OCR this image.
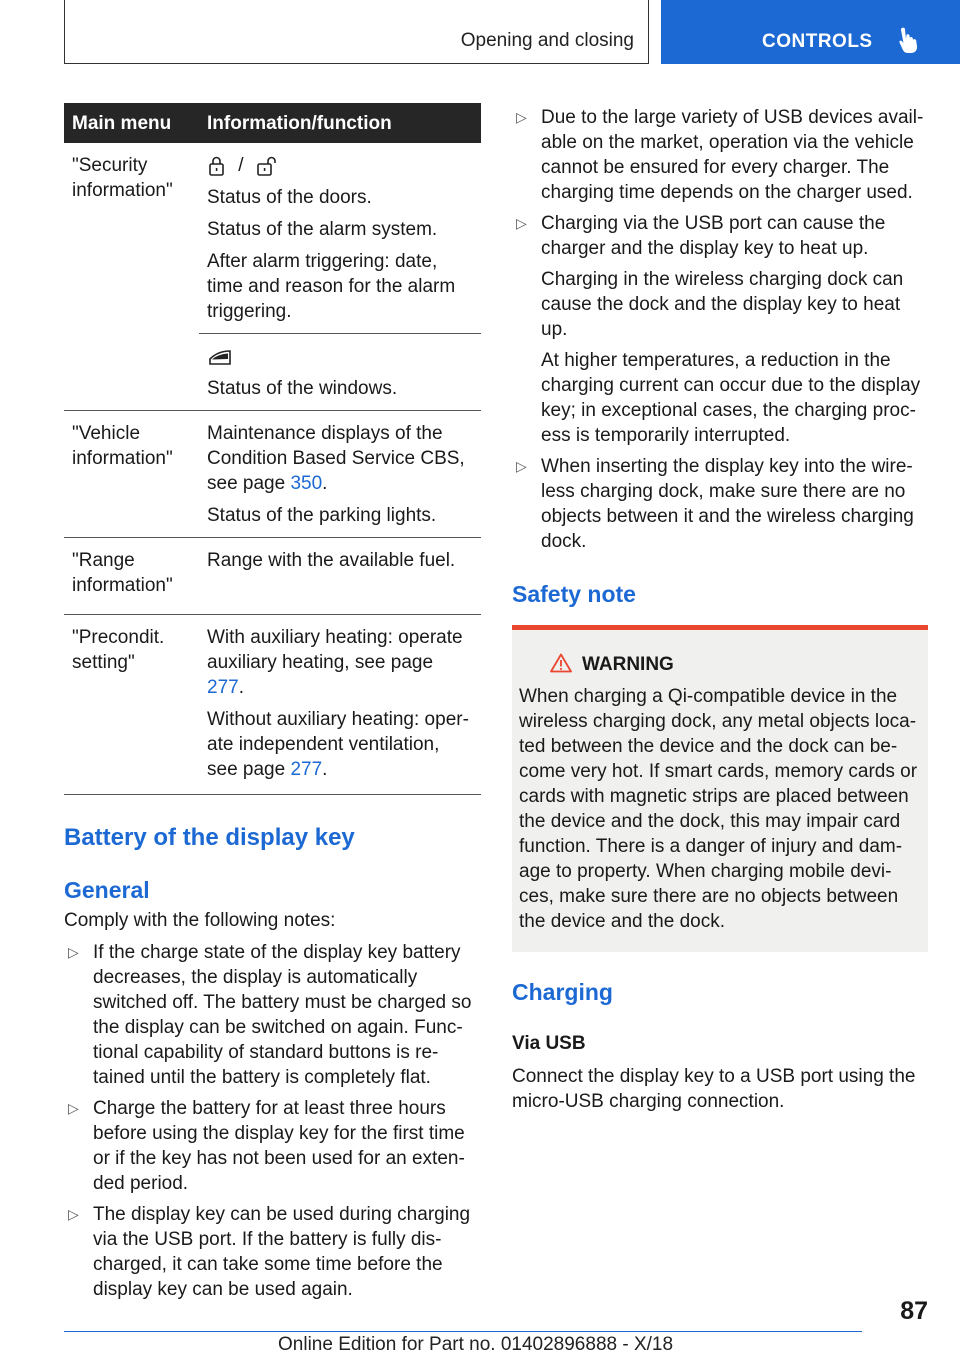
Opening and closing	CONTROLS
Main menu	Information/function
"Security information"	/

Status of the doors.

Status of the alarm system.

After alarm triggering: date, time and reason for the alarm triggering.

	Status of the windows.

"Vehicle information"	Maintenance displays of the Condition Based Service CBS, see page 350.

Status of the parking lights.

"Range information"	Range with the available fuel.
"Precondit. setting"	With auxiliary heating: operate auxiliary heating, see page 277.

Without auxiliary heating: oper‐ate independent ventilation, see page 277.

Battery of the display key
General

Comply with the following notes:

▷ If the charge state of the display key battery decreases, the display is automatically switched off. The battery must be charged so the display can be switched on again. Func‐tional capability of standard buttons is re‐tained until the battery is completely flat.
▷ Charge the battery for at least three hours before using the display key for the first time or if the key has not been used for an exten‐ded period.
▷ The display key can be used during charging via the USB port. If the battery is fully dis‐charged, it can take some time before the display key can be used again.
▷ Due to the large variety of USB devices avail‐able on the market, operation via the vehicle cannot be ensured for every charger. The charging time depends on the charger used.
▷ Charging via the USB port can cause the charger and the display key to heat up.

Charging in the wireless charging dock can cause the dock and the display key to heat up.

At higher temperatures, a reduction in the charging current can occur due to the display key; in exceptional cases, the charging proc‐ess is temporarily interrupted.

▷ When inserting the display key into the wire‐less charging dock, make sure there are no objects between it and the wireless charging dock.
Safety note
WARNING

When charging a Qi-compatible device in the wireless charging dock, any metal objects loca‐ted between the device and the dock can be‐come very hot. If smart cards, memory cards or cards with magnetic strips are placed between the device and the dock, this may impair card function. There is a danger of injury and dam‐age to property. When charging mobile devi‐ces, make sure there are no objects between the device and the dock.

Charging
Via USB

Connect the display key to a USB port using the micro-USB charging connection.

87
Online Edition for Part no. 01402896888 - X/18
